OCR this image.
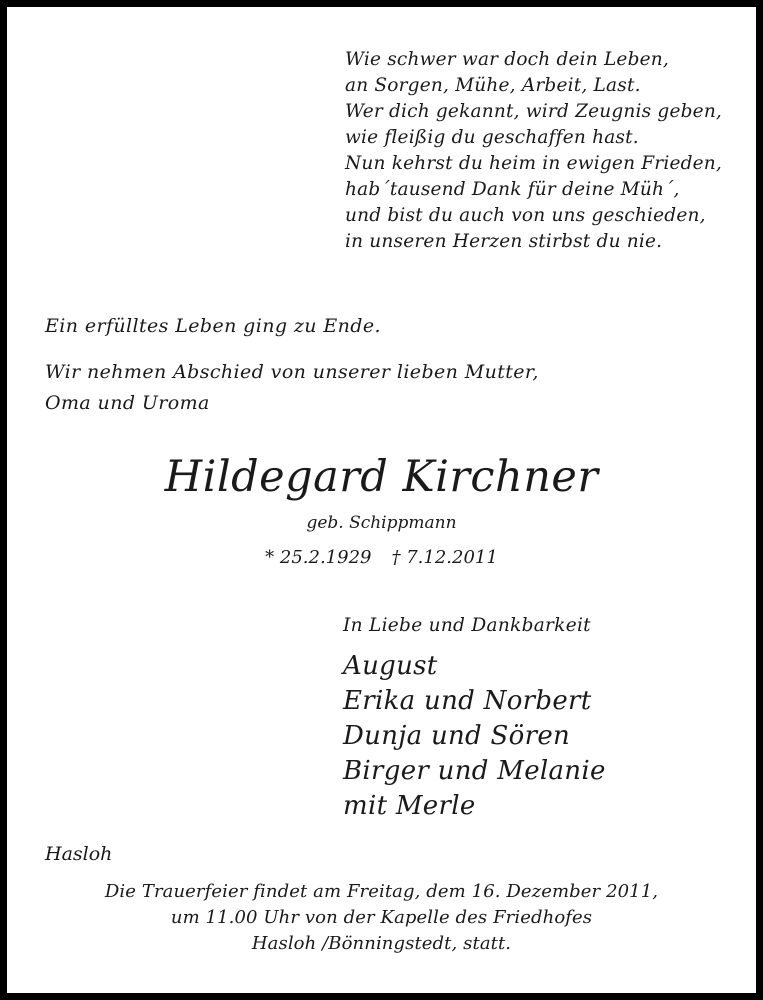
Wie schwer war doch dein Leben,
an Sorgen, Mühe, Arbeit, Last.
Wer dich gekannt, wird Zeugnis geben,
wie fleißig du geschaffen hast.
Nun kehrst du heim in ewigen Frieden,
hab´tausend Dank für deine Müh´,
und bist du auch von uns geschieden,
in unseren Herzen stirbst du nie.
Ein erfülltes Leben ging zu Ende.
Wir nehmen Abschied von unserer lieben Mutter,
Oma und Uroma
Hildegard Kirchner
geb. Schippmann
* 25.2.1929 † 7.12.2011
In Liebe und Dankbarkeit
August
Erika und Norbert
Dunja und Sören
Birger und Melanie
mit Merle
Hasloh
Die Trauerfeier findet am Freitag, dem 16. Dezember 2011,
um 11.00 Uhr von der Kapelle des Friedhofes
Hasloh /Bönningstedt, statt.
